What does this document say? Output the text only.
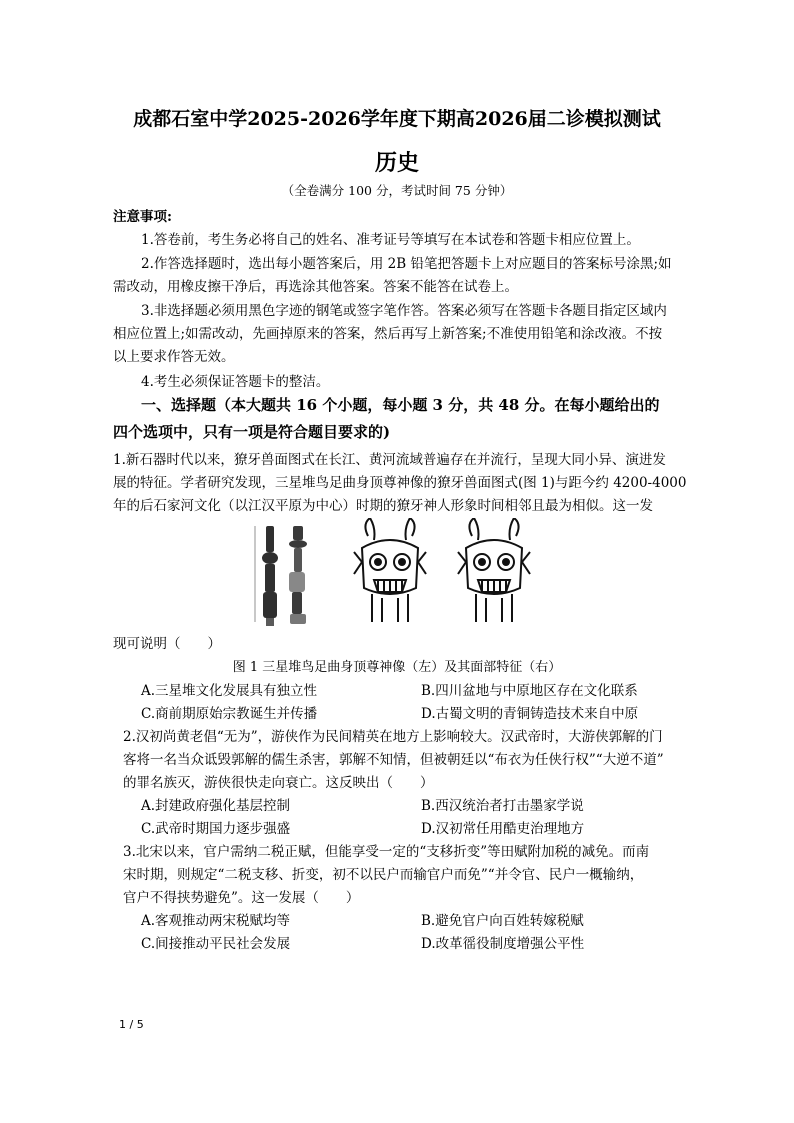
成都石室中学2025-2026学年度下期高2026届二诊模拟测试
历史
（全卷满分 100 分，考试时间 75 分钟）
注意事项:
1.答卷前，考生务必将自己的姓名、准考证号等填写在本试卷和答题卡相应位置上。
2.作答选择题时，选出每小题答案后，用 2B 铅笔把答题卡上对应题目的答案标号涂黑;如
需改动，用橡皮擦干净后，再选涂其他答案。答案不能答在试卷上。
3.非选择题必须用黑色字迹的钢笔或签字笔作答。答案必须写在答题卡各题目指定区域内
相应位置上;如需改动，先画掉原来的答案，然后再写上新答案;不准使用铅笔和涂改液。不按
以上要求作答无效。
4.考生必须保证答题卡的整洁。
一、选择题（本大题共 16 个小题，每小题 3 分，共 48 分。在每小题给出的
四个选项中，只有一项是符合题目要求的)
1.新石器时代以来，獠牙兽面图式在长江、黄河流域普遍存在并流行，呈现大同小异、演进发
展的特征。学者研究发现，三星堆鸟足曲身顶尊神像的獠牙兽面图式(图 1)与距今约 4200-4000
年的后石家河文化（以江汉平原为中心）时期的獠牙神人形象时间相邻且最为相似。这一发
现可说明（　　）
图 1 三星堆鸟足曲身顶尊神像（左）及其面部特征（右）
A.三星堆文化发展具有独立性	B.四川盆地与中原地区存在文化联系
C.商前期原始宗教诞生并传播	D.古蜀文明的青铜铸造技术来自中原
2.汉初尚黄老倡“无为”，游侠作为民间精英在地方上影响较大。汉武帝时，大游侠郭解的门
客将一名当众诋毁郭解的儒生杀害，郭解不知情，但被朝廷以“布衣为任侠行权”“大逆不道”
的罪名族灭，游侠很快走向衰亡。这反映出（　　）
A.封建政府强化基层控制	B.西汉统治者打击墨家学说
C.武帝时期国力逐步强盛	D.汉初常任用酷吏治理地方
3.北宋以来，官户需纳二税正赋，但能享受一定的“支移折变”等田赋附加税的减免。而南
宋时期，则规定“二税支移、折变，初不以民户而输官户而免”“并令官、民户一概输纳，
官户不得挟势避免”。这一发展（　　）
A.客观推动两宋税赋均等	B.避免官户向百姓转嫁税赋
C.间接推动平民社会发展	D.改革徭役制度增强公平性
1 / 5
